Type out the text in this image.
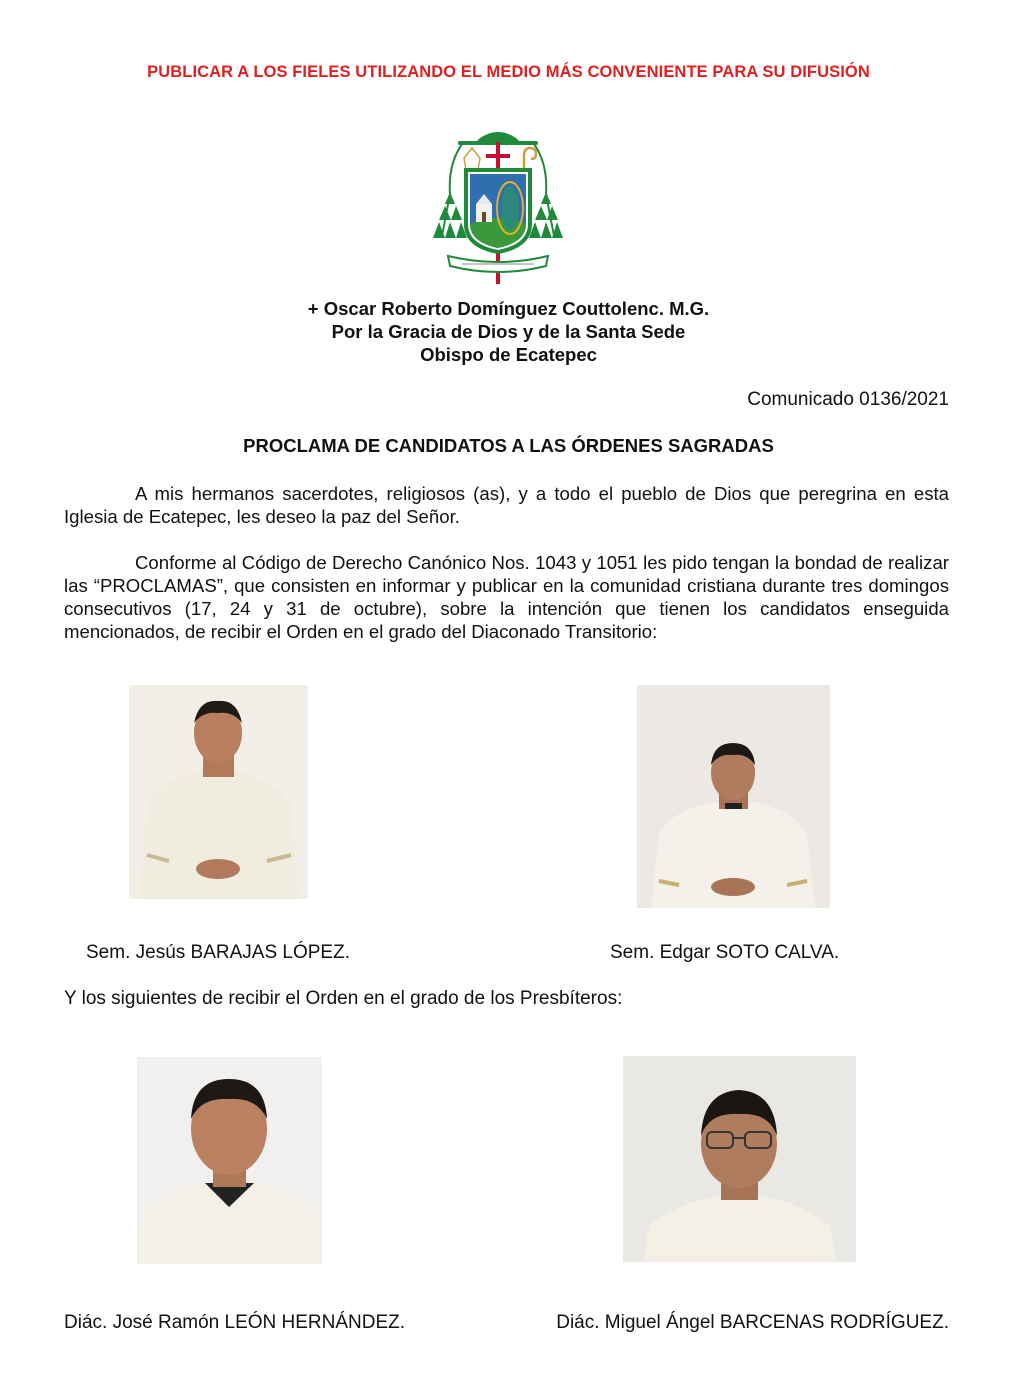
PUBLICAR A LOS FIELES UTILIZANDO EL MEDIO MÁS CONVENIENTE PARA SU DIFUSIÓN
+ Oscar Roberto Domínguez Couttolenc. M.G.
Por la Gracia de Dios y de la Santa Sede
Obispo de Ecatepec
Comunicado 0136/2021
PROCLAMA DE CANDIDATOS A LAS ÓRDENES SAGRADAS
A mis hermanos sacerdotes, religiosos (as), y a todo el pueblo de Dios que peregrina en esta Iglesia de Ecatepec, les deseo la paz del Señor.
Conforme al Código de Derecho Canónico Nos. 1043 y 1051 les pido tengan la bondad de realizar las “PROCLAMAS”, que consisten en informar y publicar en la comunidad cristiana durante tres domingos consecutivos (17, 24 y 31 de octubre), sobre la intención que tienen los candidatos enseguida mencionados, de recibir el Orden en el grado del Diaconado Transitorio:
Sem. Jesús BARAJAS LÓPEZ.	Sem. Edgar SOTO CALVA.
Y los siguientes de recibir el Orden en el grado de los Presbíteros:
Diác. José Ramón LEÓN HERNÁNDEZ.	Diác. Miguel Ángel BARCENAS RODRÍGUEZ.
